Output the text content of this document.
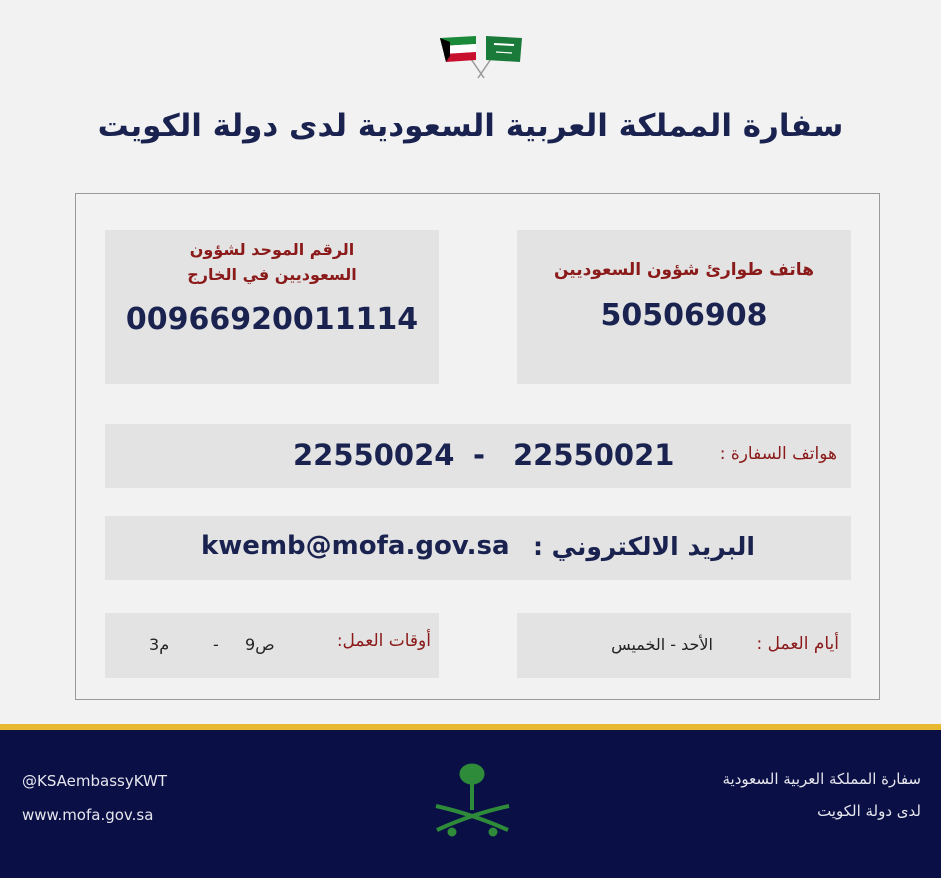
سفارة المملكة العربية السعودية لدى دولة الكويت
هاتف طوارئ شؤون السعوديين
50506908
الرقم الموحد لشؤون
السعوديين في الخارج
00966920011114
هواتف السفارة :
22550021
-
22550024
البريد الالكتروني :
kwemb@mofa.gov.sa
أيام العمل :
الأحد - الخميس
أوقات العمل:
9ص
-
3م
@KSAembassyKWT
www.mofa.gov.sa
سفارة المملكة العربية السعودية
لدى دولة الكويت
